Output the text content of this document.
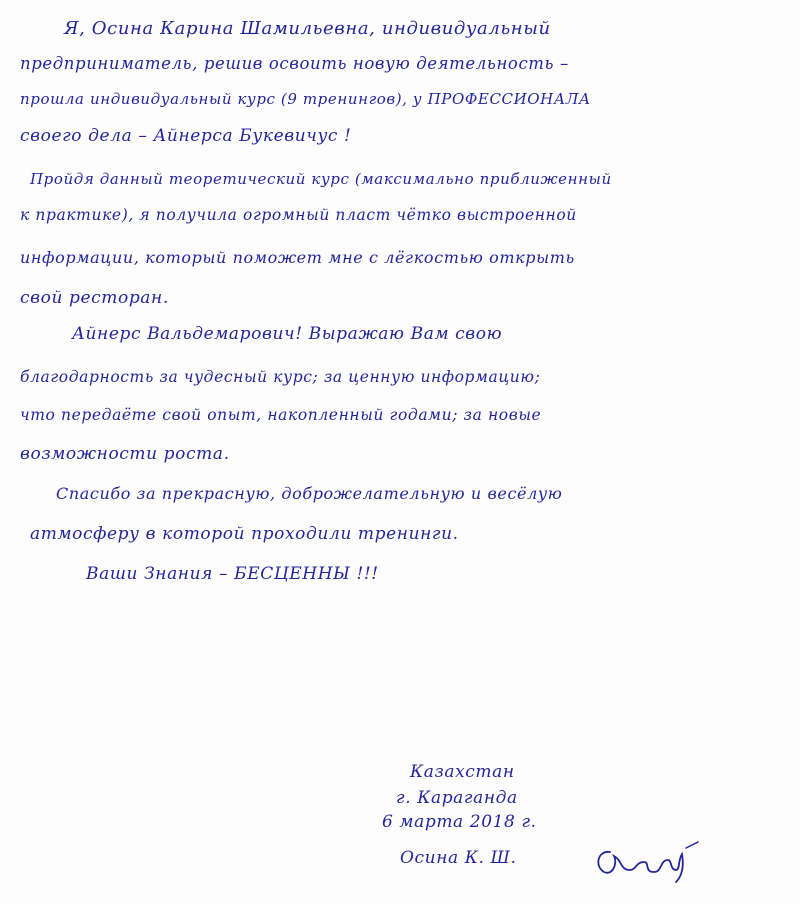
Я, Осина Карина Шамильевна, индивидуальный
предприниматель, решив освоить новую деятельность –
прошла индивидуальный курс (9 тренингов), у ПРОФЕССИОНАЛА
своего дела – Айнерса Букевичус !
Пройдя данный теоретический курс (максимально приближенный
к практике), я получила огромный пласт чётко выстроенной
информации, который поможет мне с лёгкостью открыть
свой ресторан.
Айнерс Вальдемарович! Выражаю Вам свою
благодарность за чудесный курс; за ценную информацию;
что передаёте свой опыт, накопленный годами; за новые
возможности роста.
Спасибо за прекрасную, доброжелательную и весёлую
атмосферу в которой проходили тренинги.
Ваши Знания – БЕСЦЕННЫ !!!
Казахстан
г. Караганда
6 марта 2018 г.
Осина К. Ш.
